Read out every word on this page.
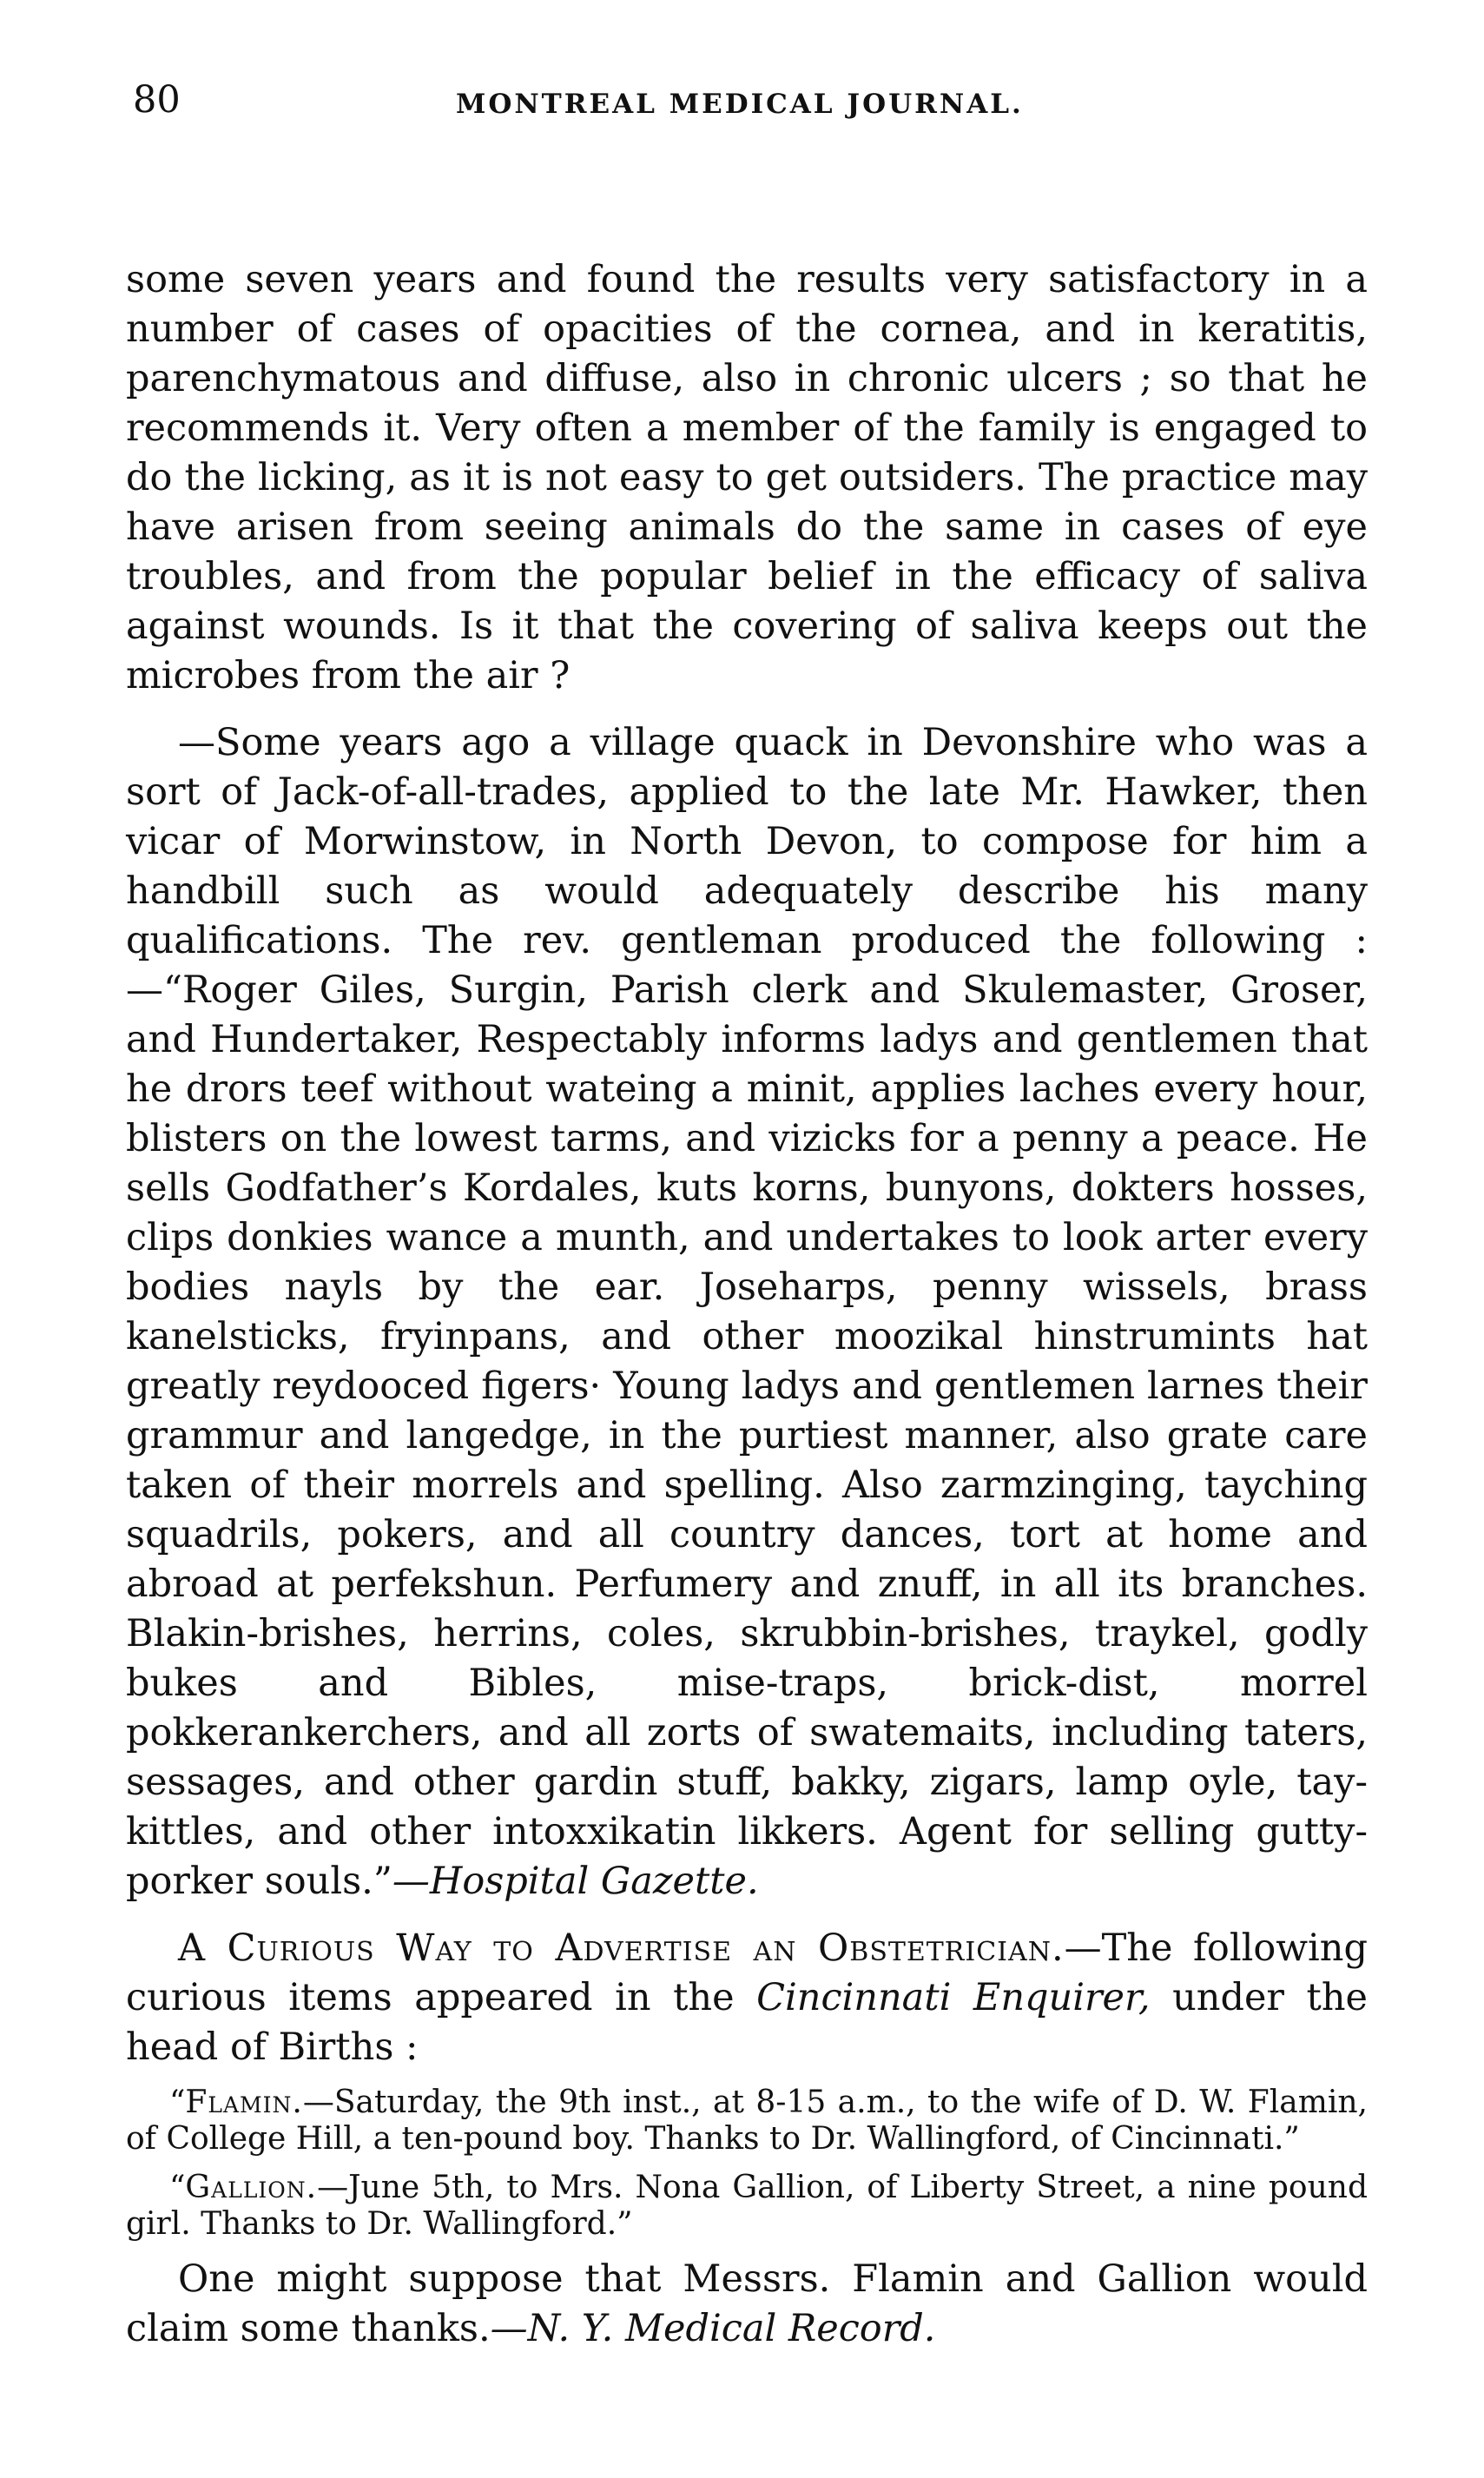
80	MONTREAL MEDICAL JOURNAL.

some seven years and found the results very satisfactory in a number of cases of opacities of the cornea, and in keratitis, parenchymatous and diffuse, also in chronic ulcers ; so that he recommends it. Very often a member of the family is engaged to do the licking, as it is not easy to get outsiders. The practice may have arisen from seeing animals do the same in cases of eye troubles, and from the popular belief in the efficacy of saliva against wounds. Is it that the covering of saliva keeps out the microbes from the air ?

—Some years ago a village quack in Devonshire who was a sort of Jack-of-all-trades, applied to the late Mr. Hawker, then vicar of Morwinstow, in North Devon, to compose for him a handbill such as would adequately describe his many qualifications. The rev. gentleman produced the following :—“Roger Giles, Surgin, Parish clerk and Skulemaster, Groser, and Hundertaker, Respectably informs ladys and gentlemen that he drors teef without wateing a minit, applies laches every hour, blisters on the lowest tarms, and vizicks for a penny a peace. He sells Godfather’s Kordales, kuts korns, bunyons, dokters hosses, clips donkies wance a munth, and undertakes to look arter every bodies nayls by the ear. Joseharps, penny wissels, brass kanelsticks, fryinpans, and other moozikal hinstrumints hat greatly reydooced figers· Young ladys and gentlemen larnes their grammur and langedge, in the purtiest manner, also grate care taken of their morrels and spelling. Also zarmzinging, tayching squadrils, pokers, and all country dances, tort at home and abroad at perfekshun. Perfumery and znuff, in all its branches. Blakin-brishes, herrins, coles, skrubbin-brishes, traykel, godly bukes and Bibles, mise-traps, brick-dist, morrel pokkerankerchers, and all zorts of swatemaits, including taters, sessages, and other gardin stuff, bakky, zigars, lamp oyle, tay-kittles, and other intoxxikatin likkers. Agent for selling gutty-porker souls.”—Hospital Gazette.

A Curious Way to Advertise an Obstetrician.—The following curious items appeared in the Cincinnati Enquirer, under the head of Births :

“Flamin.—Saturday, the 9th inst., at 8-15 a.m., to the wife of D. W. Flamin, of College Hill, a ten-pound boy. Thanks to Dr. Wallingford, of Cincinnati.”

“Gallion.—June 5th, to Mrs. Nona Gallion, of Liberty Street, a nine pound girl. Thanks to Dr. Wallingford.”

One might suppose that Messrs. Flamin and Gallion would claim some thanks.—N. Y. Medical Record.
